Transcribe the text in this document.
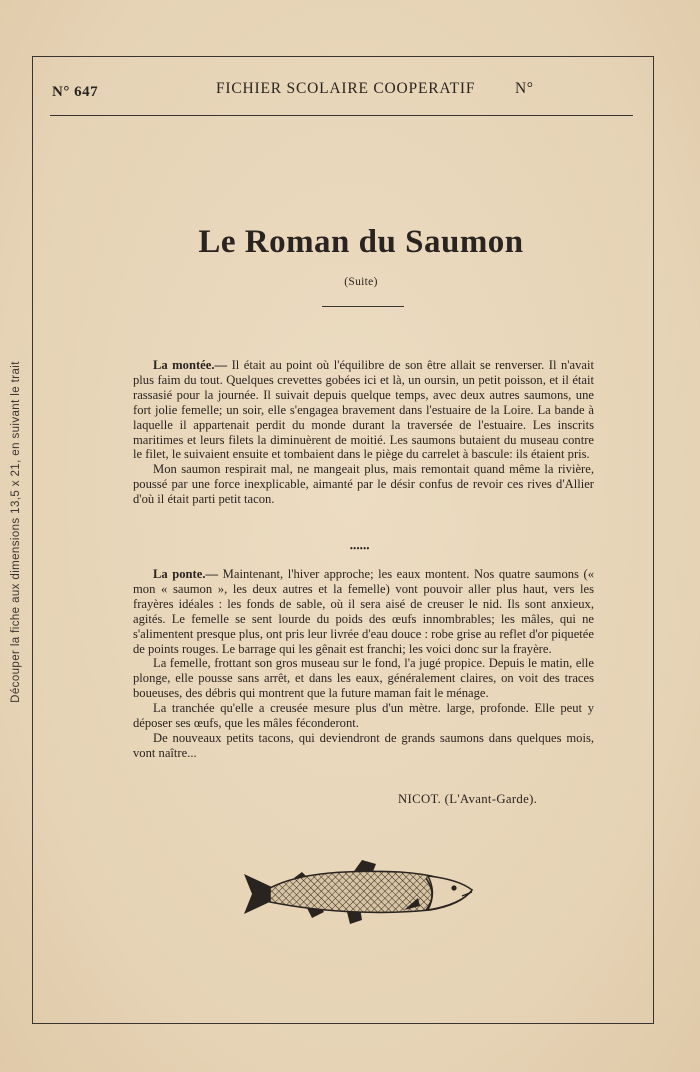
Découper la fiche aux dimensions 13,5 x 21, en suivant le trait
N° 647	FICHIER SCOLAIRE COOPERATIF	N°
Le Roman du Saumon
(Suite)

La montée.— Il était au point où l'équilibre de son être allait se renverser. Il n'avait plus faim du tout. Quelques crevettes gobées ici et là, un oursin, un petit poisson, et il était rassasié pour la journée. Il suivait depuis quelque temps, avec deux autres saumons, une fort jolie femelle; un soir, elle s'engagea bravement dans l'estuaire de la Loire. La bande à laquelle il appartenait perdit du monde durant la traversée de l'estuaire. Les inscrits maritimes et leurs filets la diminuèrent de moitié. Les saumons butaient du museau contre le filet, le suivaient ensuite et tombaient dans le piège du carrelet à bascule: ils étaient pris.

Mon saumon respirait mal, ne mangeait plus, mais remontait quand même la rivière, poussé par une force inexplicable, aimanté par le désir confus de revoir ces rives d'Allier d'où il était parti petit tacon.

••••••

La ponte.— Maintenant, l'hiver approche; les eaux montent. Nos quatre saumons (« mon « saumon », les deux autres et la femelle) vont pouvoir aller plus haut, vers les frayères idéales : les fonds de sable, où il sera aisé de creuser le nid. Ils sont anxieux, agités. Le femelle se sent lourde du poids des œufs innombrables; les mâles, qui ne s'alimentent presque plus, ont pris leur livrée d'eau douce : robe grise au reflet d'or piquetée de points rouges. Le barrage qui les gênait est franchi; les voici donc sur la frayère.

La femelle, frottant son gros museau sur le fond, l'a jugé propice. Depuis le matin, elle plonge, elle pousse sans arrêt, et dans les eaux, généralement claires, on voit des traces boueuses, des débris qui montrent que la future maman fait le ménage.

La tranchée qu'elle a creusée mesure plus d'un mètre. large, profonde. Elle peut y déposer ses œufs, que les mâles féconderont.

De nouveaux petits tacons, qui deviendront de grands saumons dans quelques mois, vont naître...

NICOT. (L'Avant-Garde).
